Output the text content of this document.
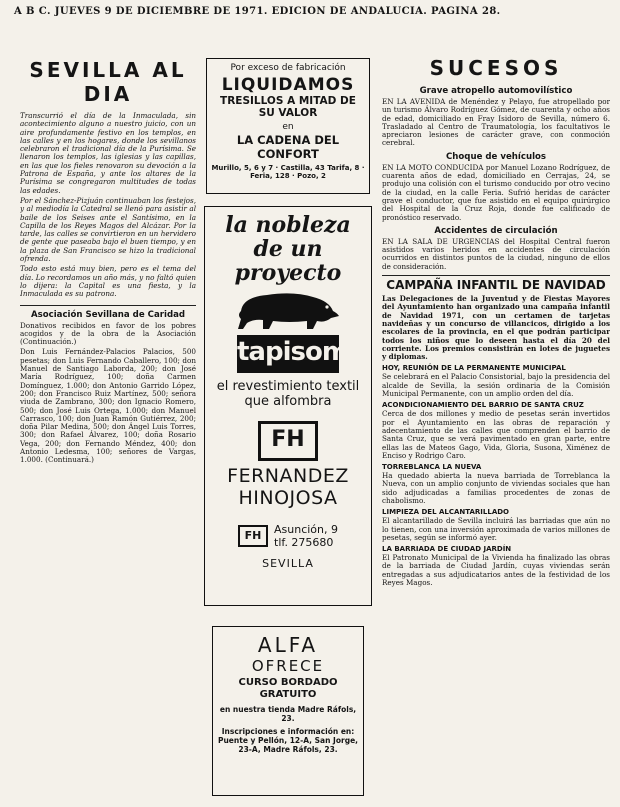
A B C. JUEVES 9 DE DICIEMBRE DE 1971. EDICION DE ANDALUCIA. PAGINA 28.
SEVILLA AL DIA

Transcurrió el día de la Inmaculada, sin acontecimiento alguno a nuestro juicio, con un aire profundamente festivo en los templos, en las calles y en los hogares, donde los sevillanos celebraron el tradicional día de la Purísima. Se llenaron los templos, las iglesias y las capillas, en las que los fieles renovaron su devoción a la Patrona de España, y ante los altares de la Purísima se congregaron multitudes de todas las edades.

Por el Sánchez-Pizjuán continuaban los festejos, y al mediodía la Catedral se llenó para asistir al baile de los Seises ante el Santísimo, en la Capilla de los Reyes Magos del Alcázar. Por la tarde, las calles se convirtieron en un hervidero de gente que paseaba bajo el buen tiempo, y en la plaza de San Francisco se hizo la tradicional ofrenda.

Todo esto está muy bien, pero es el tema del día. Lo recordamos un año más, y no faltó quien lo dijera: la Capital es una fiesta, y la Inmaculada es su patrona.

Asociación Sevillana de Caridad

Donativos recibidos en favor de los pobres acogidos y de la obra de la Asociación (Continuación.)

Don Luis Fernández-Palacios Palacios, 500 pesetas; don Luis Fernando Caballero, 100; don Manuel de Santiago Laborda, 200; don José María Rodríguez, 100; doña Carmen Domínguez, 1.000; don Antonio Garrido López, 200; don Francisco Ruiz Martínez, 500; señora viuda de Zambrano, 300; don Ignacio Romero, 500; don José Luis Ortega, 1.000; don Manuel Carrasco, 100; don Juan Ramón Gutiérrez, 200; doña Pilar Medina, 500; don Ángel Luis Torres, 300; don Rafael Álvarez, 100; doña Rosario Vega, 200; don Fernando Méndez, 400; don Antonio Ledesma, 100; señores de Vargas, 1.000. (Continuará.)

Por exceso de fabricación
LIQUIDAMOS
TRESILLOS A MITAD DE SU VALOR
en
LA CADENA DEL CONFORT
Murillo, 5, 6 y 7 · Castilla, 43 Tarifa, 8 · Feria, 128 · Pozo, 2
la nobleza de un proyecto
tapisom
el revestimiento textil que alfombra
FH
FERNANDEZ HINOJOSA
FH	Asunción, 9
tlf. 275680
SEVILLA
ALFA
OFRECE
CURSO BORDADO GRATUITO
en nuestra tienda Madre Ráfols, 23.
Inscripciones e información en: Puente y Pellón, 12-A, San Jorge, 23-A, Madre Ráfols, 23.
SUCESOS
Grave atropello automovilístico

EN LA AVENIDA de Menéndez y Pelayo, fue atropellado por un turismo Álvaro Rodríguez Gómez, de cuarenta y ocho años de edad, domiciliado en Fray Isidoro de Sevilla, número 6. Trasladado al Centro de Traumatología, los facultativos le apreciaron lesiones de carácter grave, con conmoción cerebral.

Choque de vehículos

EN LA MOTO CONDUCIDA por Manuel Lozano Rodríguez, de cuarenta años de edad, domiciliado en Cerrajas, 24, se produjo una colisión con el turismo conducido por otro vecino de la ciudad, en la calle Feria. Sufrió heridas de carácter grave el conductor, que fue asistido en el equipo quirúrgico del Hospital de la Cruz Roja, donde fue calificado de pronóstico reservado.

Accidentes de circulación

EN LA SALA DE URGENCIAS del Hospital Central fueron asistidos varios heridos en accidentes de circulación ocurridos en distintos puntos de la ciudad, ninguno de ellos de consideración.

CAMPAÑA INFANTIL DE NAVIDAD

Las Delegaciones de la Juventud y de Fiestas Mayores del Ayuntamiento han organizado una campaña infantil de Navidad 1971, con un certamen de tarjetas navideñas y un concurso de villancicos, dirigido a los escolares de la provincia, en el que podrán participar todos los niños que lo deseen hasta el día 20 del corriente. Los premios consistirán en lotes de juguetes y diplomas.

HOY, REUNIÓN DE LA PERMANENTE MUNICIPAL

Se celebrará en el Palacio Consistorial, bajo la presidencia del alcalde de Sevilla, la sesión ordinaria de la Comisión Municipal Permanente, con un amplio orden del día.

ACONDICIONAMIENTO DEL BARRIO DE SANTA CRUZ

Cerca de dos millones y medio de pesetas serán invertidos por el Ayuntamiento en las obras de reparación y adecentamiento de las calles que comprenden el barrio de Santa Cruz, que se verá pavimentado en gran parte, entre ellas las de Mateos Gago, Vida, Gloria, Susona, Ximénez de Enciso y Rodrigo Caro.

TORREBLANCA LA NUEVA

Ha quedado abierta la nueva barriada de Torreblanca la Nueva, con un amplio conjunto de viviendas sociales que han sido adjudicadas a familias procedentes de zonas de chabolismo.

LIMPIEZA DEL ALCANTARILLADO

El alcantarillado de Sevilla incluirá las barriadas que aún no lo tienen, con una inversión aproximada de varios millones de pesetas, según se informó ayer.

LA BARRIADA DE CIUDAD JARDÍN

El Patronato Municipal de la Vivienda ha finalizado las obras de la barriada de Ciudad Jardín, cuyas viviendas serán entregadas a sus adjudicatarios antes de la festividad de los Reyes Magos.
